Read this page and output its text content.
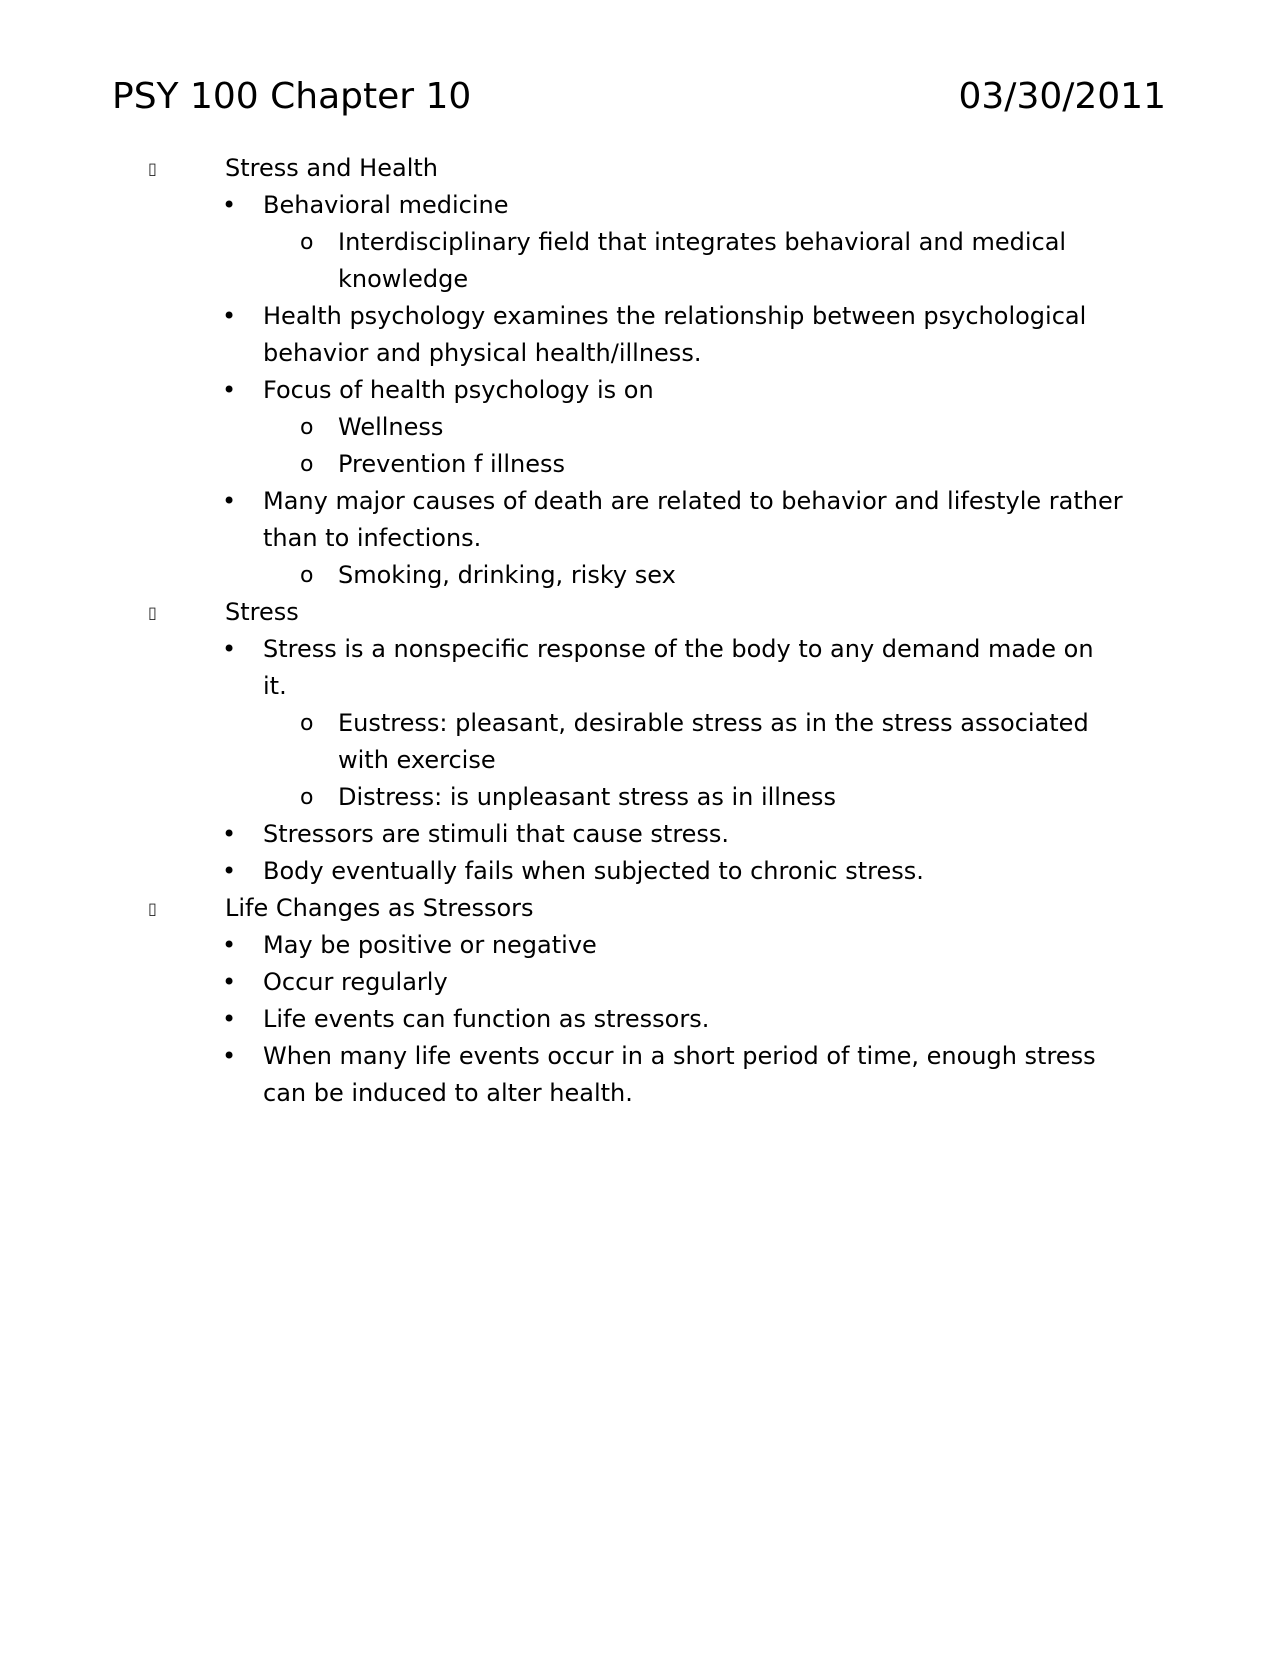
PSY 100 Chapter 10	03/30/2011
▯	Stress and Health
• Behavioral medicine
o Interdisciplinary field that integrates behavioral and medical knowledge
• Health psychology examines the relationship between psychological behavior and physical health/illness.
• Focus of health psychology is on
o Wellness
o Prevention f illness
• Many major causes of death are related to behavior and lifestyle rather than to infections.
o Smoking, drinking, risky sex
▯	Stress
• Stress is a nonspecific response of the body to any demand made on it.
o Eustress: pleasant, desirable stress as in the stress associated with exercise
o Distress: is unpleasant stress as in illness
• Stressors are stimuli that cause stress.
• Body eventually fails when subjected to chronic stress.
▯	Life Changes as Stressors
• May be positive or negative
• Occur regularly
• Life events can function as stressors.
• When many life events occur in a short period of time, enough stress can be induced to alter health.
